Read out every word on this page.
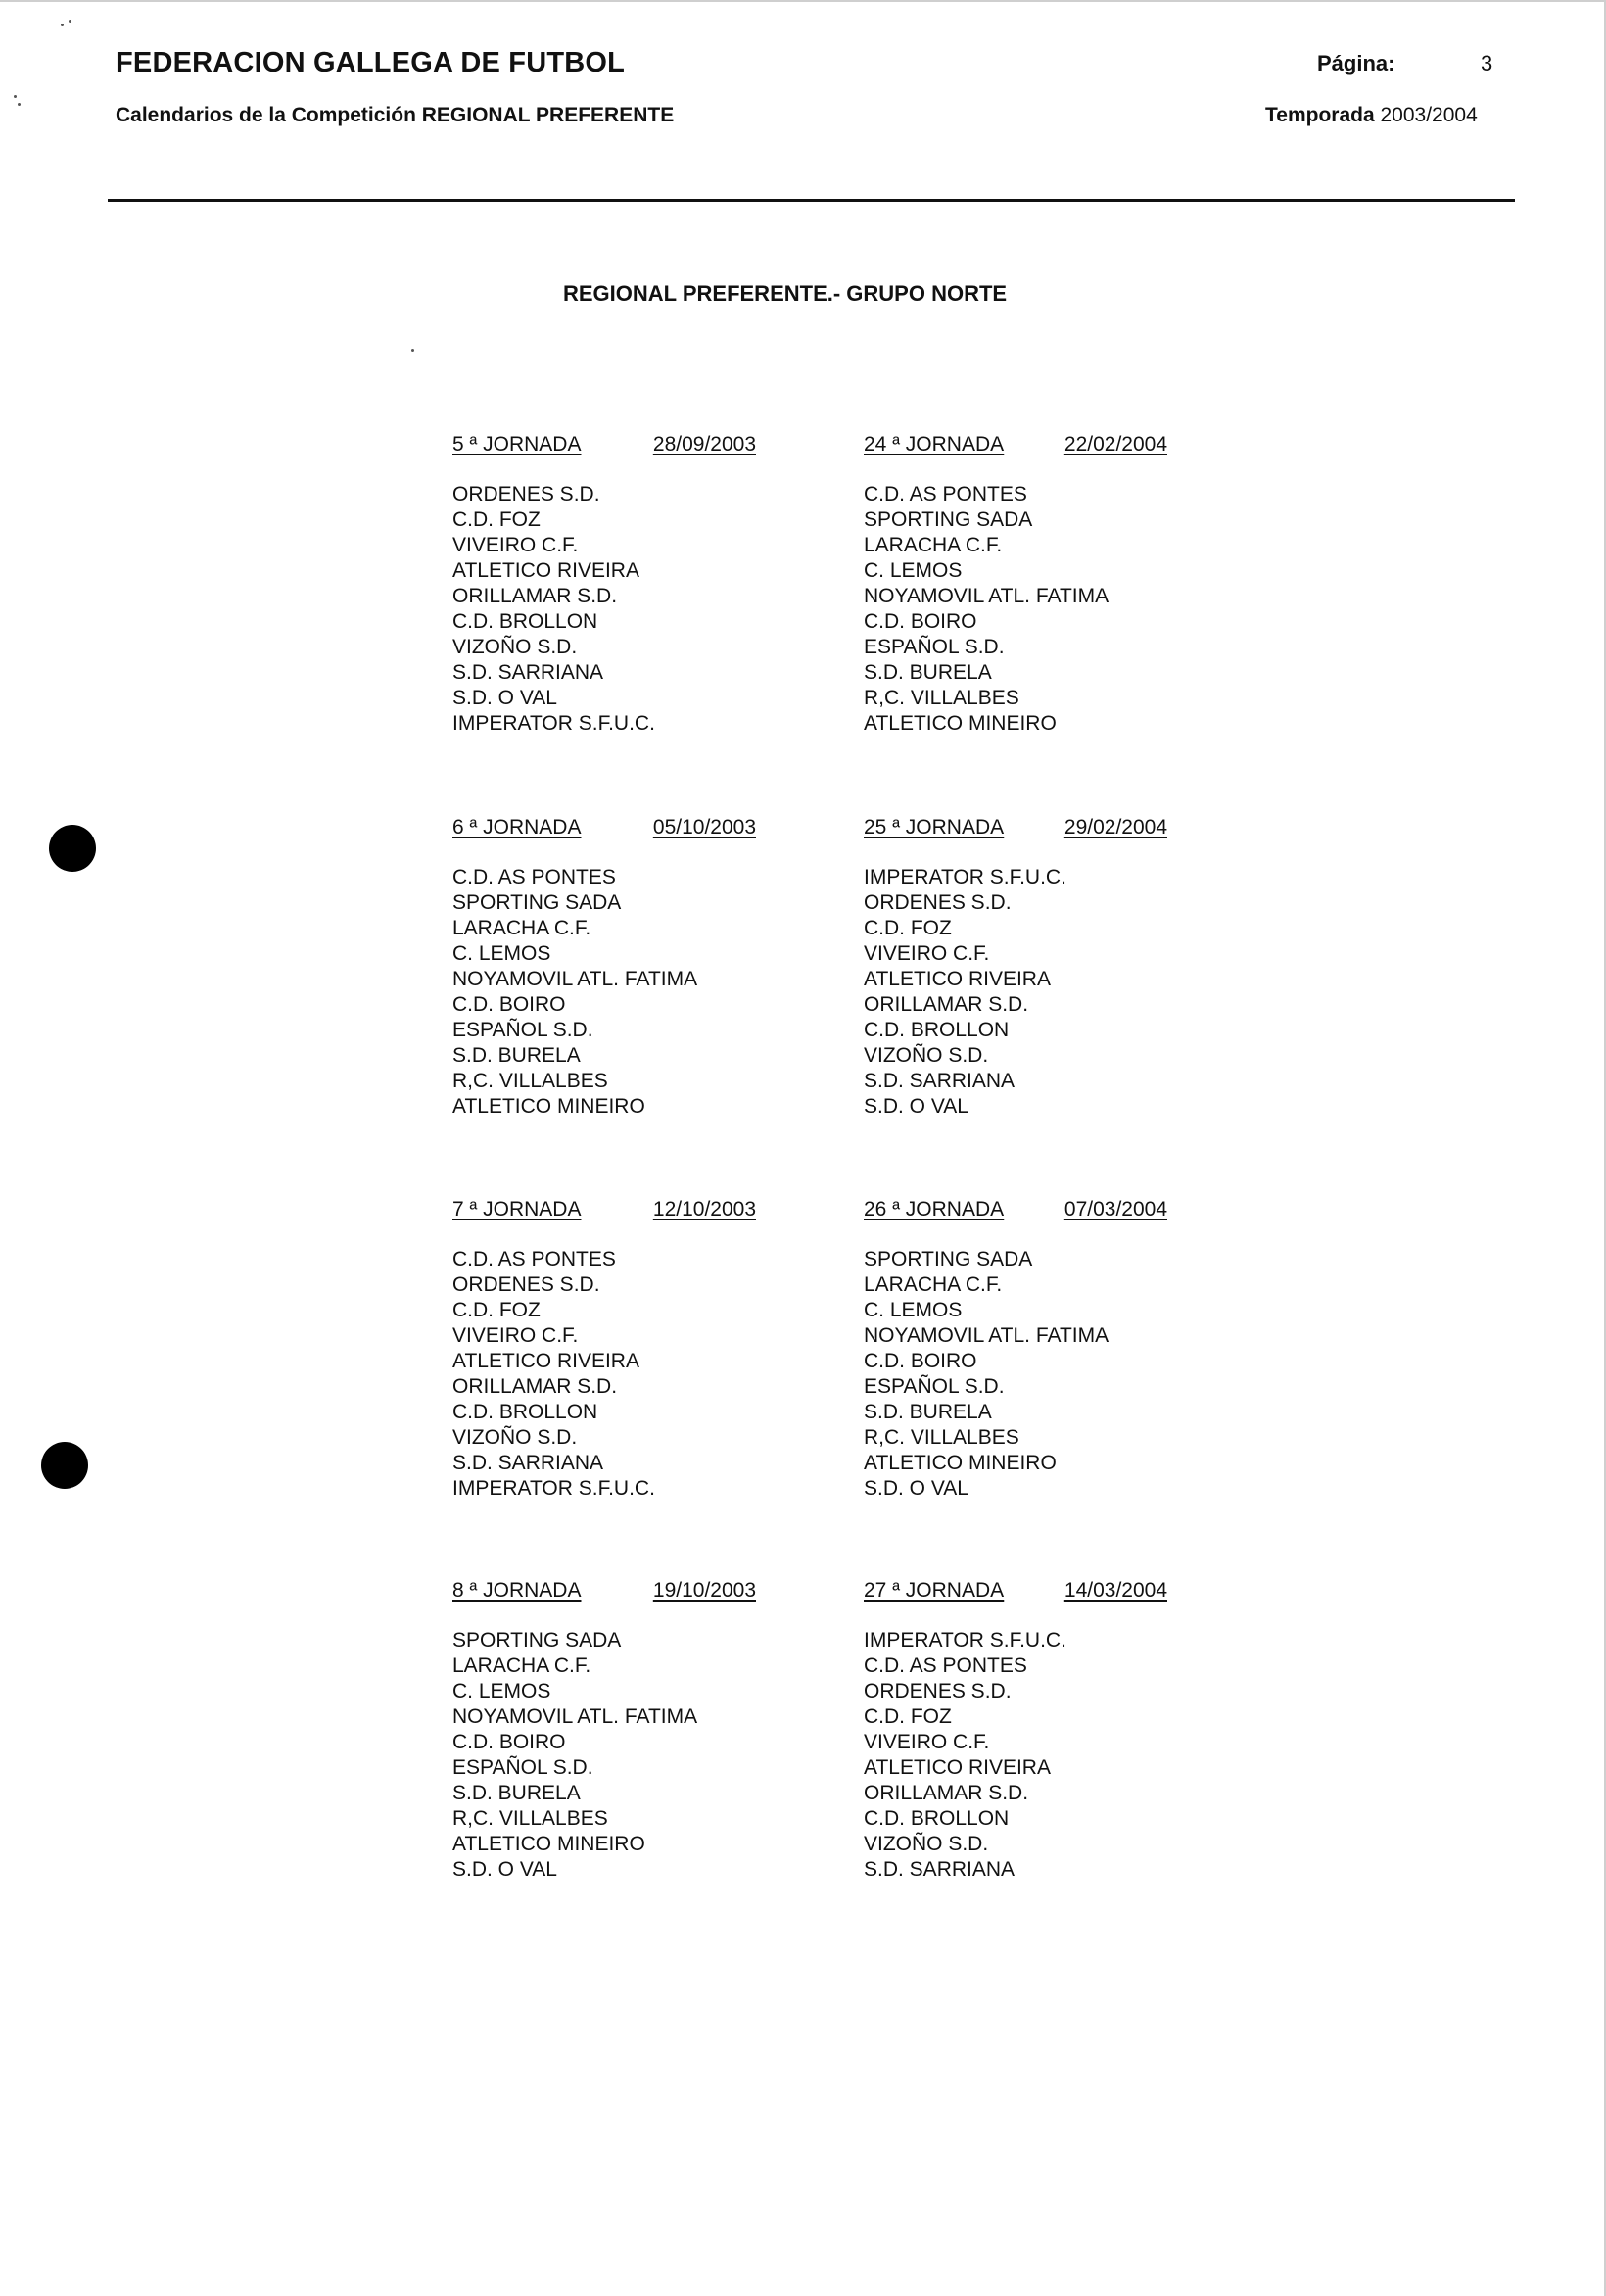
FEDERACION GALLEGA DE FUTBOL
Calendarios de la Competición REGIONAL PREFERENTE
Página:	3
Temporada 2003/2004
REGIONAL PREFERENTE.- GRUPO NORTE
5 ª JORNADA	28/09/2003
ORDENES S.D.
C.D. FOZ
VIVEIRO C.F.
ATLETICO RIVEIRA
ORILLAMAR S.D.
C.D. BROLLON
VIZOÑO S.D.
S.D. SARRIANA
S.D. O VAL
IMPERATOR S.F.U.C.
24 ª JORNADA	22/02/2004
C.D. AS PONTES
SPORTING SADA
LARACHA C.F.
C. LEMOS
NOYAMOVIL ATL. FATIMA
C.D. BOIRO
ESPAÑOL S.D.
S.D. BURELA
R,C. VILLALBES
ATLETICO MINEIRO
6 ª JORNADA	05/10/2003
C.D. AS PONTES
SPORTING SADA
LARACHA C.F.
C. LEMOS
NOYAMOVIL ATL. FATIMA
C.D. BOIRO
ESPAÑOL S.D.
S.D. BURELA
R,C. VILLALBES
ATLETICO MINEIRO
25 ª JORNADA	29/02/2004
IMPERATOR S.F.U.C.
ORDENES S.D.
C.D. FOZ
VIVEIRO C.F.
ATLETICO RIVEIRA
ORILLAMAR S.D.
C.D. BROLLON
VIZOÑO S.D.
S.D. SARRIANA
S.D. O VAL
7 ª JORNADA	12/10/2003
C.D. AS PONTES
ORDENES S.D.
C.D. FOZ
VIVEIRO C.F.
ATLETICO RIVEIRA
ORILLAMAR S.D.
C.D. BROLLON
VIZOÑO S.D.
S.D. SARRIANA
IMPERATOR S.F.U.C.
26 ª JORNADA	07/03/2004
SPORTING SADA
LARACHA C.F.
C. LEMOS
NOYAMOVIL ATL. FATIMA
C.D. BOIRO
ESPAÑOL S.D.
S.D. BURELA
R,C. VILLALBES
ATLETICO MINEIRO
S.D. O VAL
8 ª JORNADA	19/10/2003
SPORTING SADA
LARACHA C.F.
C. LEMOS
NOYAMOVIL ATL. FATIMA
C.D. BOIRO
ESPAÑOL S.D.
S.D. BURELA
R,C. VILLALBES
ATLETICO MINEIRO
S.D. O VAL
27 ª JORNADA	14/03/2004
IMPERATOR S.F.U.C.
C.D. AS PONTES
ORDENES S.D.
C.D. FOZ
VIVEIRO C.F.
ATLETICO RIVEIRA
ORILLAMAR S.D.
C.D. BROLLON
VIZOÑO S.D.
S.D. SARRIANA
